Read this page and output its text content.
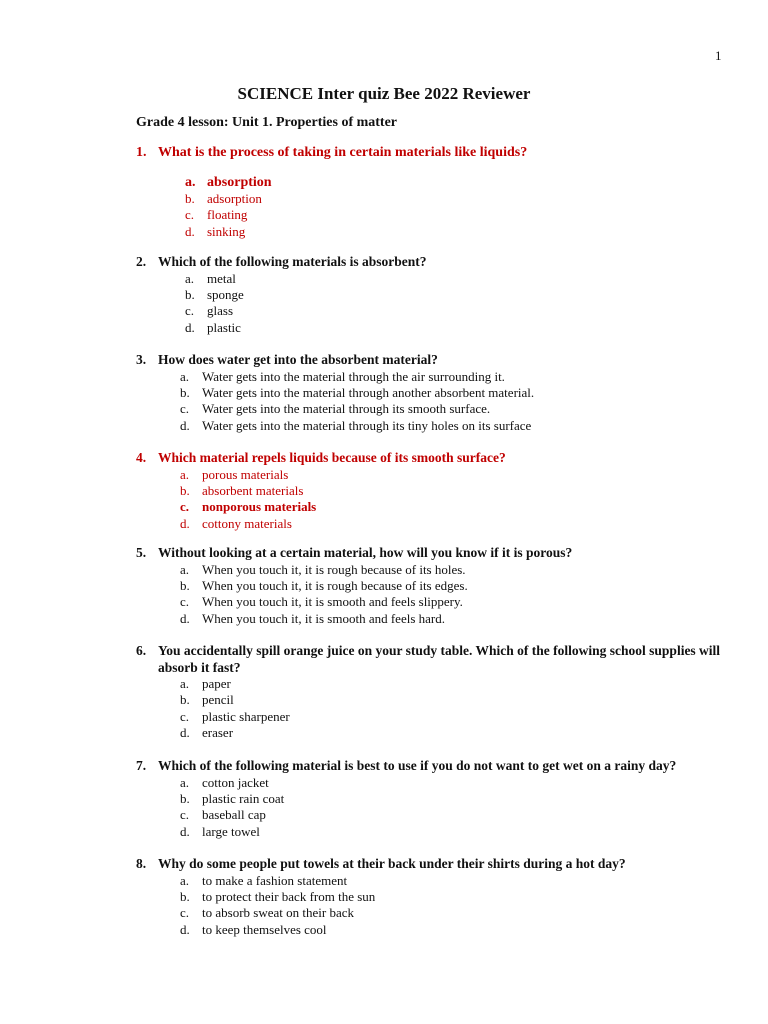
1
SCIENCE Inter quiz Bee 2022 Reviewer
Grade 4 lesson: Unit 1. Properties of matter
1. What is the process of taking in certain materials like liquids?
a. absorption
b. adsorption
c. floating
d. sinking
2. Which of the following materials is absorbent?
a. metal
b. sponge
c. glass
d. plastic
3. How does water get into the absorbent material?
a. Water gets into the material through the air surrounding it.
b. Water gets into the material through another absorbent material.
c. Water gets into the material through its smooth surface.
d. Water gets into the material through its tiny holes on its surface
4. Which material repels liquids because of its smooth surface?
a. porous materials
b. absorbent materials
c. nonporous materials
d. cottony materials
5. Without looking at a certain material, how will you know if it is porous?
a. When you touch it, it is rough because of its holes.
b. When you touch it, it is rough because of its edges.
c. When you touch it, it is smooth and feels slippery.
d. When you touch it, it is smooth and feels hard.
6. You accidentally spill orange juice on your study table. Which of the following school supplies will absorb it fast?
a. paper
b. pencil
c. plastic sharpener
d. eraser
7. Which of the following material is best to use if you do not want to get wet on a rainy day?
a. cotton jacket
b. plastic rain coat
c. baseball cap
d. large towel
8. Why do some people put towels at their back under their shirts during a hot day?
a. to make a fashion statement
b. to protect their back from the sun
c. to absorb sweat on their back
d. to keep themselves cool
